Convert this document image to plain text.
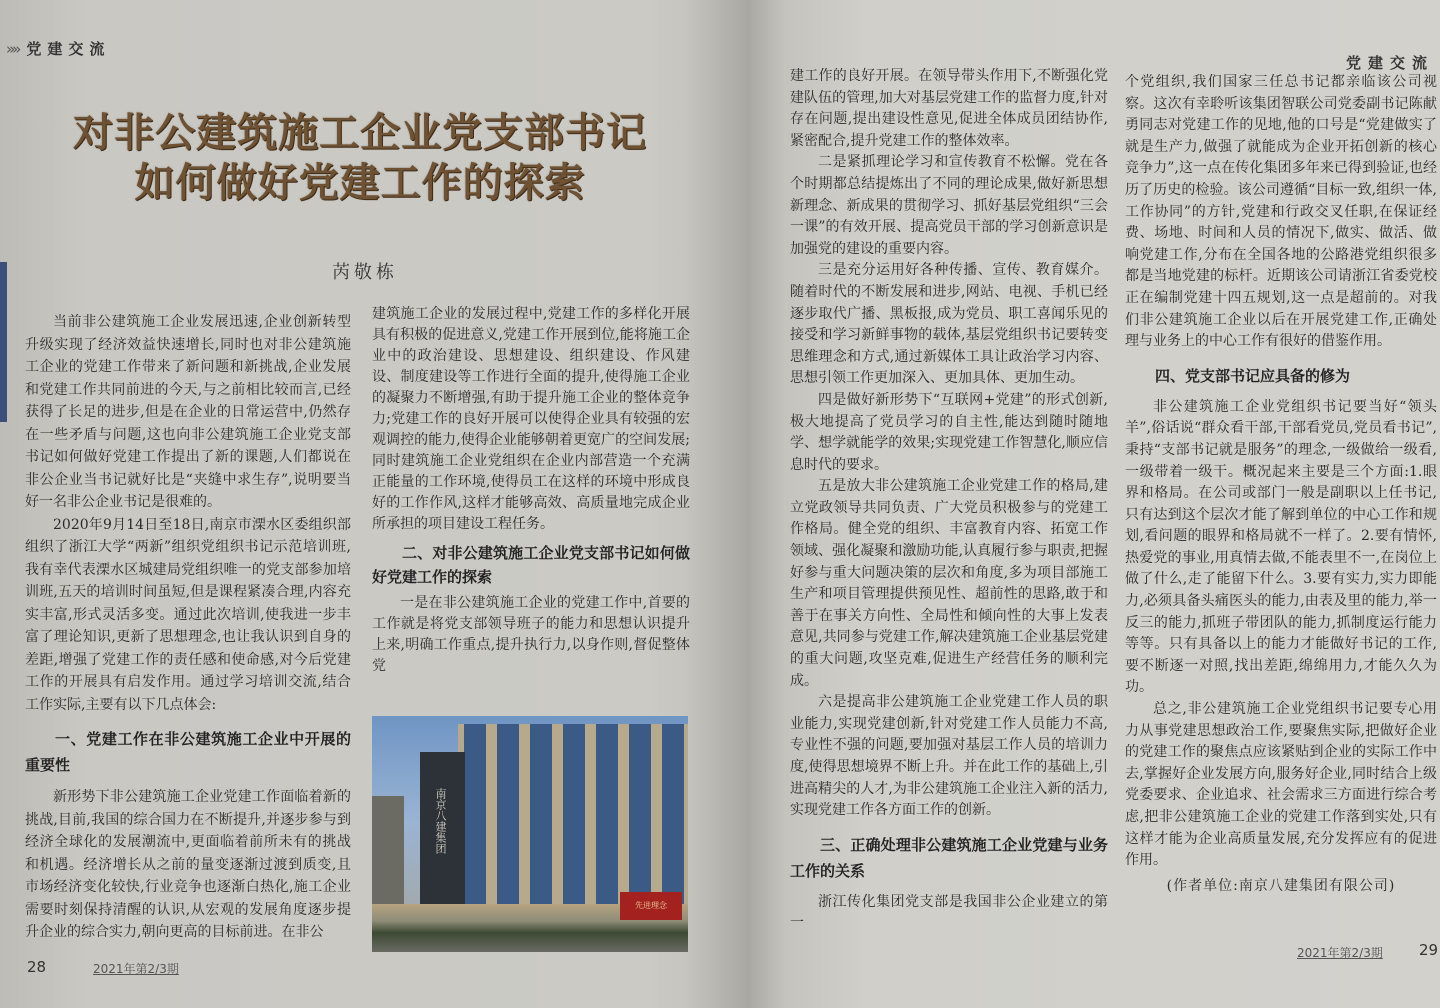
»» 党建交流
党建交流
对非公建筑施工企业党支部书记
如何做好党建工作的探索
芮敬栋

当前非公建筑施工企业发展迅速,企业创新转型升级实现了经济效益快速增长,同时也对非公建筑施工企业的党建工作带来了新问题和新挑战,企业发展和党建工作共同前进的今天,与之前相比较而言,已经获得了长足的进步,但是在企业的日常运营中,仍然存在一些矛盾与问题,这也向非公建筑施工企业党支部书记如何做好党建工作提出了新的课题,人们都说在非公企业当书记就好比是“夹缝中求生存”,说明要当好一名非公企业书记是很难的。

2020年9月14日至18日,南京市溧水区委组织部组织了浙江大学“两新”组织党组织书记示范培训班,我有幸代表溧水区城建局党组织唯一的党支部参加培训班,五天的培训时间虽短,但是课程紧凑合理,内容充实丰富,形式灵活多变。通过此次培训,使我进一步丰富了理论知识,更新了思想理念,也让我认识到自身的差距,增强了党建工作的责任感和使命感,对今后党建工作的开展具有启发作用。通过学习培训交流,结合工作实际,主要有以下几点体会:

一、党建工作在非公建筑施工企业中开展的重要性

新形势下非公建筑施工企业党建工作面临着新的挑战,目前,我国的综合国力在不断提升,并逐步参与到经济全球化的发展潮流中,更面临着前所未有的挑战和机遇。经济增长从之前的量变逐渐过渡到质变,且市场经济变化较快,行业竞争也逐渐白热化,施工企业需要时刻保持清醒的认识,从宏观的发展角度逐步提升企业的综合实力,朝向更高的目标前进。在非公

建筑施工企业的发展过程中,党建工作的多样化开展具有积极的促进意义,党建工作开展到位,能将施工企业中的政治建设、思想建设、组织建设、作风建设、制度建设等工作进行全面的提升,使得施工企业的凝聚力不断增强,有助于提升施工企业的整体竞争力;党建工作的良好开展可以使得企业具有较强的宏观调控的能力,使得企业能够朝着更宽广的空间发展;同时建筑施工企业党组织在企业内部营造一个充满正能量的工作环境,使得员工在这样的环境中形成良好的工作作风,这样才能够高效、高质量地完成企业所承担的项目建设工程任务。

二、对非公建筑施工企业党支部书记如何做好党建工作的探索

一是在非公建筑施工企业的党建工作中,首要的工作就是将党支部领导班子的能力和思想认识提升上来,明确工作重点,提升执行力,以身作则,督促整体党

建工作的良好开展。在领导带头作用下,不断强化党建队伍的管理,加大对基层党建工作的监督力度,针对存在问题,提出建设性意见,促进全体成员团结协作,紧密配合,提升党建工作的整体效率。

二是紧抓理论学习和宣传教育不松懈。党在各个时期都总结提炼出了不同的理论成果,做好新思想新理念、新成果的贯彻学习、抓好基层党组织“三会一课”的有效开展、提高党员干部的学习创新意识是加强党的建设的重要内容。

三是充分运用好各种传播、宣传、教育媒介。随着时代的不断发展和进步,网站、电视、手机已经逐步取代广播、黑板报,成为党员、职工喜闻乐见的接受和学习新鲜事物的载体,基层党组织书记要转变思维理念和方式,通过新媒体工具让政治学习内容、思想引领工作更加深入、更加具体、更加生动。

四是做好新形势下“互联网+党建”的形式创新,极大地提高了党员学习的自主性,能达到随时随地学、想学就能学的效果;实现党建工作智慧化,顺应信息时代的要求。

五是放大非公建筑施工企业党建工作的格局,建立党政领导共同负责、广大党员积极参与的党建工作格局。健全党的组织、丰富教育内容、拓宽工作领域、强化凝聚和激励功能,认真履行参与职责,把握好参与重大问题决策的层次和角度,多为项目部施工生产和项目管理提供预见性、超前性的思路,敢于和善于在事关方向性、全局性和倾向性的大事上发表意见,共同参与党建工作,解决建筑施工企业基层党建的重大问题,攻坚克难,促进生产经营任务的顺利完成。

六是提高非公建筑施工企业党建工作人员的职业能力,实现党建创新,针对党建工作人员能力不高,专业性不强的问题,要加强对基层工作人员的培训力度,使得思想境界不断上升。并在此工作的基础上,引进高精尖的人才,为非公建筑施工企业注入新的活力,实现党建工作各方面工作的创新。

三、正确处理非公建筑施工企业党建与业务工作的关系

浙江传化集团党支部是我国非公企业建立的第一

个党组织,我们国家三任总书记都亲临该公司视察。这次有幸聆听该集团智联公司党委副书记陈献勇同志对党建工作的见地,他的口号是“党建做实了就是生产力,做强了就能成为企业开拓创新的核心竞争力”,这一点在传化集团多年来已得到验证,也经历了历史的检验。该公司遵循“目标一致,组织一体,工作协同”的方针,党建和行政交叉任职,在保证经费、场地、时间和人员的情况下,做实、做活、做响党建工作,分布在全国各地的公路港党组织很多都是当地党建的标杆。近期该公司请浙江省委党校正在编制党建十四五规划,这一点是超前的。对我们非公建筑施工企业以后在开展党建工作,正确处理与业务上的中心工作有很好的借鉴作用。

四、党支部书记应具备的修为

非公建筑施工企业党组织书记要当好“领头羊”,俗话说“群众看干部,干部看党员,党员看书记”,秉持“支部书记就是服务”的理念,一级做给一级看,一级带着一级干。概况起来主要是三个方面:1.眼界和格局。在公司或部门一般是副职以上任书记,只有达到这个层次才能了解到单位的中心工作和规划,看问题的眼界和格局就不一样了。2.要有情怀,热爱党的事业,用真情去做,不能表里不一,在岗位上做了什么,走了能留下什么。3.要有实力,实力即能力,必须具备头痛医头的能力,由表及里的能力,举一反三的能力,抓班子带团队的能力,抓制度运行能力等等。只有具备以上的能力才能做好书记的工作,要不断逐一对照,找出差距,绵绵用力,才能久久为功。

总之,非公建筑施工企业党组织书记要专心用力从事党建思想政治工作,要聚焦实际,把做好企业的党建工作的聚焦点应该紧贴到企业的实际工作中去,掌握好企业发展方向,服务好企业,同时结合上级党委要求、企业追求、社会需求三方面进行综合考虑,把非公建筑施工企业的党建工作落到实处,只有这样才能为企业高质量发展,充分发挥应有的促进作用。

(作者单位:南京八建集团有限公司)

南京八建集团
先进理念
28	2021年第2/3期
2021年第2/3期 29
